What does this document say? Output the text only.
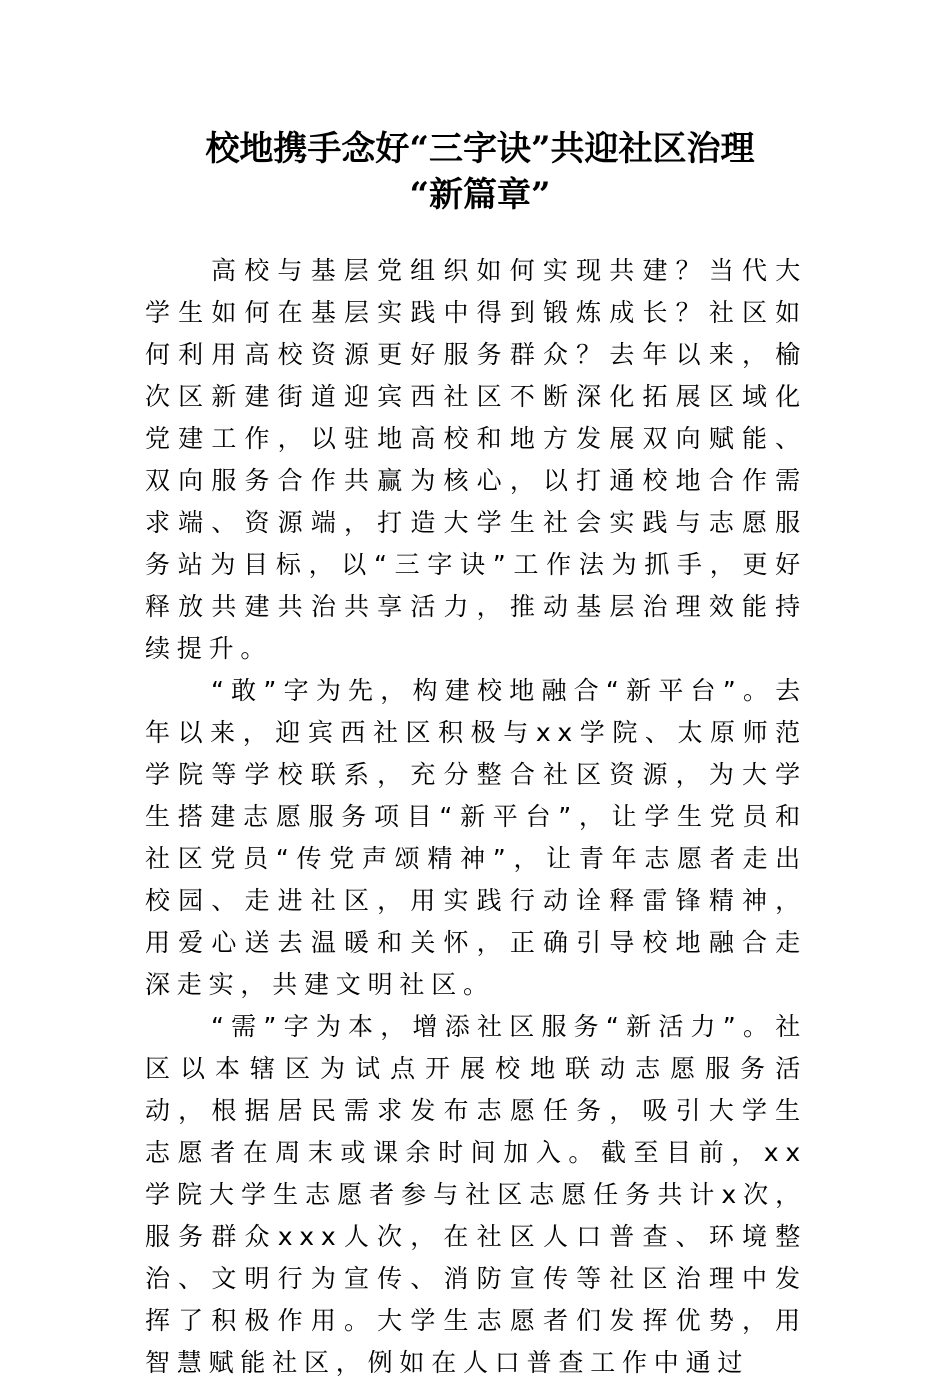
校地携手念好“三字诀”共迎社区治理
“新篇章”

高校与基层党组织如何实现共建？当代大学生如何在基层实践中得到锻炼成长？社区如何利用高校资源更好服务群众？去年以来，榆次区新建街道迎宾西社区不断深化拓展区域化党建工作，以驻地高校和地方发展双向赋能、双向服务合作共赢为核心，以打通校地合作需求端、资源端，打造大学生社会实践与志愿服务站为目标，以“三字诀”工作法为抓手，更好释放共建共治共享活力，推动基层治理效能持续提升。

“敢”字为先，构建校地融合“新平台”。去年以来，迎宾西社区积极与xx学院、太原师范学院等学校联系，充分整合社区资源，为大学生搭建志愿服务项目“新平台”，让学生党员和社区党员“传党声颂精神”，让青年志愿者走出校园、走进社区，用实践行动诠释雷锋精神，用爱心送去温暖和关怀，正确引导校地融合走深走实，共建文明社区。

“需”字为本，增添社区服务“新活力”。社区以本辖区为试点开展校地联动志愿服务活动，根据居民需求发布志愿任务，吸引大学生志愿者在周末或课余时间加入。截至目前，xx学院大学生志愿者参与社区志愿任务共计x次，服务群众xxx人次，在社区人口普查、环境整治、文明行为宣传、消防宣传等社区治理中发挥了积极作用。大学生志愿者们发挥优势，用智慧赋能社区，例如在人口普查工作中通过
